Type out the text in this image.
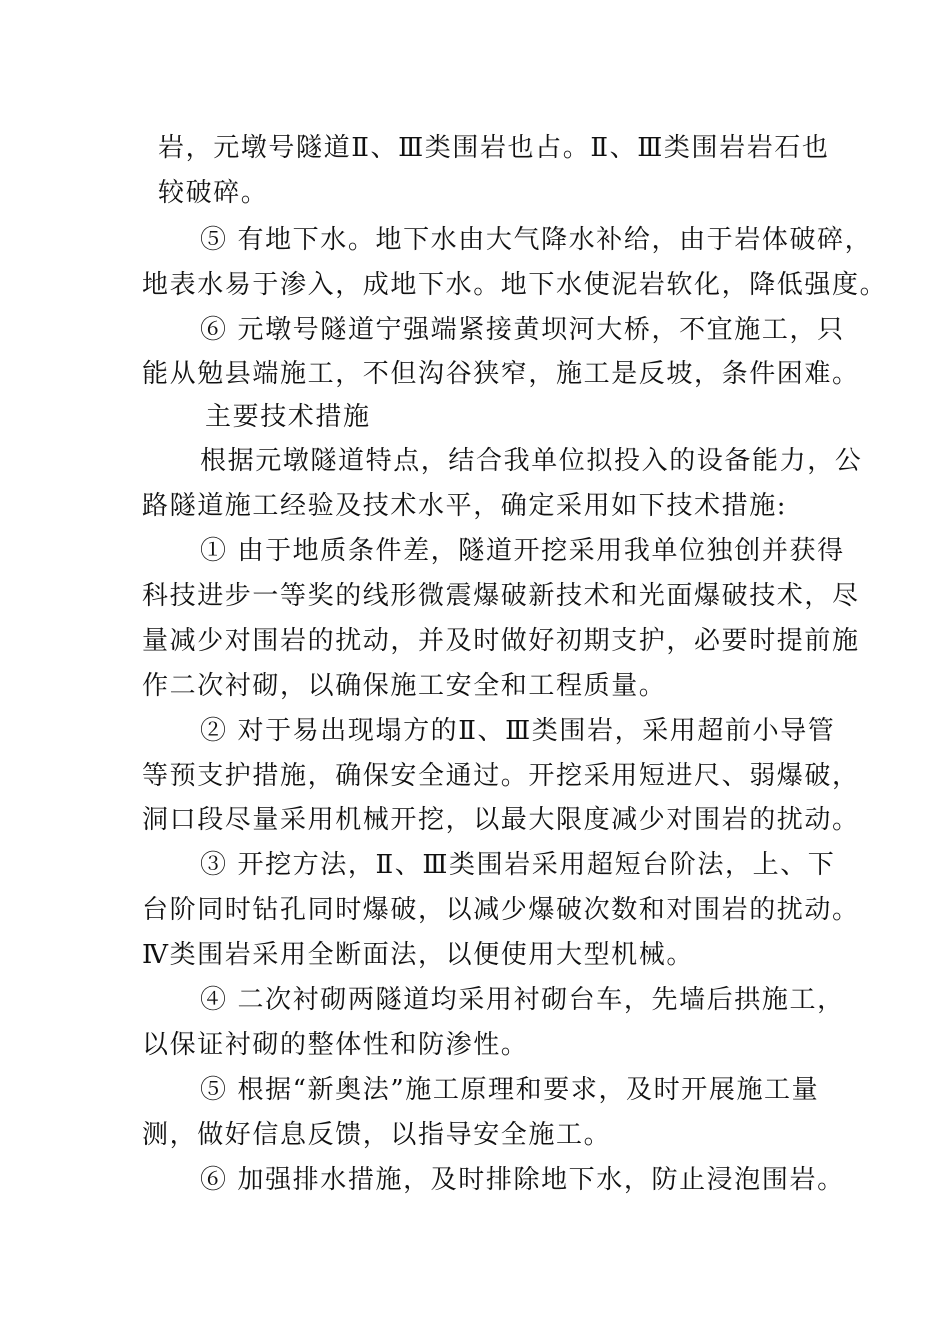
岩，元墩号隧道Ⅱ、Ⅲ类围岩也占。Ⅱ、Ⅲ类围岩岩石也
较破碎。
⑤ 有地下水。地下水由大气降水补给，由于岩体破碎，
地表水易于渗入，成地下水。地下水使泥岩软化，降低强度。
⑥ 元墩号隧道宁强端紧接黄坝河大桥，不宜施工，只
能从勉县端施工，不但沟谷狭窄，施工是反坡，条件困难。
主要技术措施
根据元墩隧道特点，结合我单位拟投入的设备能力，公
路隧道施工经验及技术水平，确定采用如下技术措施:
① 由于地质条件差，隧道开挖采用我单位独创并获得
科技进步一等奖的线形微震爆破新技术和光面爆破技术，尽
量减少对围岩的扰动，并及时做好初期支护，必要时提前施
作二次衬砌，以确保施工安全和工程质量。
② 对于易出现塌方的Ⅱ、Ⅲ类围岩，采用超前小导管
等预支护措施，确保安全通过。开挖采用短进尺、弱爆破，
洞口段尽量采用机械开挖，以最大限度减少对围岩的扰动。
③ 开挖方法，Ⅱ、Ⅲ类围岩采用超短台阶法，上、下
台阶同时钻孔同时爆破，以减少爆破次数和对围岩的扰动。
Ⅳ类围岩采用全断面法，以便使用大型机械。
④ 二次衬砌两隧道均采用衬砌台车，先墙后拱施工，
以保证衬砌的整体性和防渗性。
⑤ 根据“新奥法”施工原理和要求，及时开展施工量
测，做好信息反馈，以指导安全施工。
⑥ 加强排水措施，及时排除地下水，防止浸泡围岩。
